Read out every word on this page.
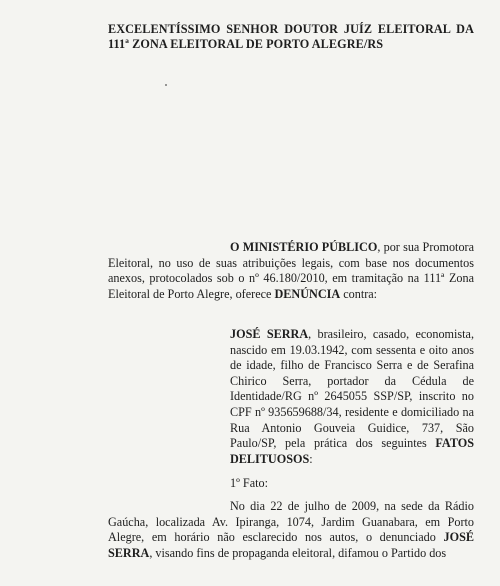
EXCELENTÍSSIMO SENHOR DOUTOR JUÍZ ELEITORAL DA
111ª ZONA ELEITORAL DE PORTO ALEGRE/RS
O MINISTÉRIO PÚBLICO, por sua Promotora Eleitoral, no uso de suas atribuições legais, com base nos documentos anexos, protocolados sob o nº 46.180/2010, em tramitação na 111ª Zona Eleitoral de Porto Alegre, oferece DENÚNCIA contra:
JOSÉ SERRA, brasileiro, casado, economista, nascido em 19.03.1942, com sessenta e oito anos de idade, filho de Francisco Serra e de Serafina Chirico Serra, portador da Cédula de Identidade/RG nº 2645055 SSP/SP, inscrito no CPF nº 935659688/34, residente e domiciliado na Rua Antonio Gouveia Guidice, 737, São Paulo/SP, pela prática dos seguintes FATOS DELITUOSOS:
1º Fato:
No dia 22 de julho de 2009, na sede da Rádio Gaúcha, localizada Av. Ipiranga, 1074, Jardim Guanabara, em Porto Alegre, em horário não esclarecido nos autos, o denunciado JOSÉ SERRA, visando fins de propaganda eleitoral, difamou o Partido dos
